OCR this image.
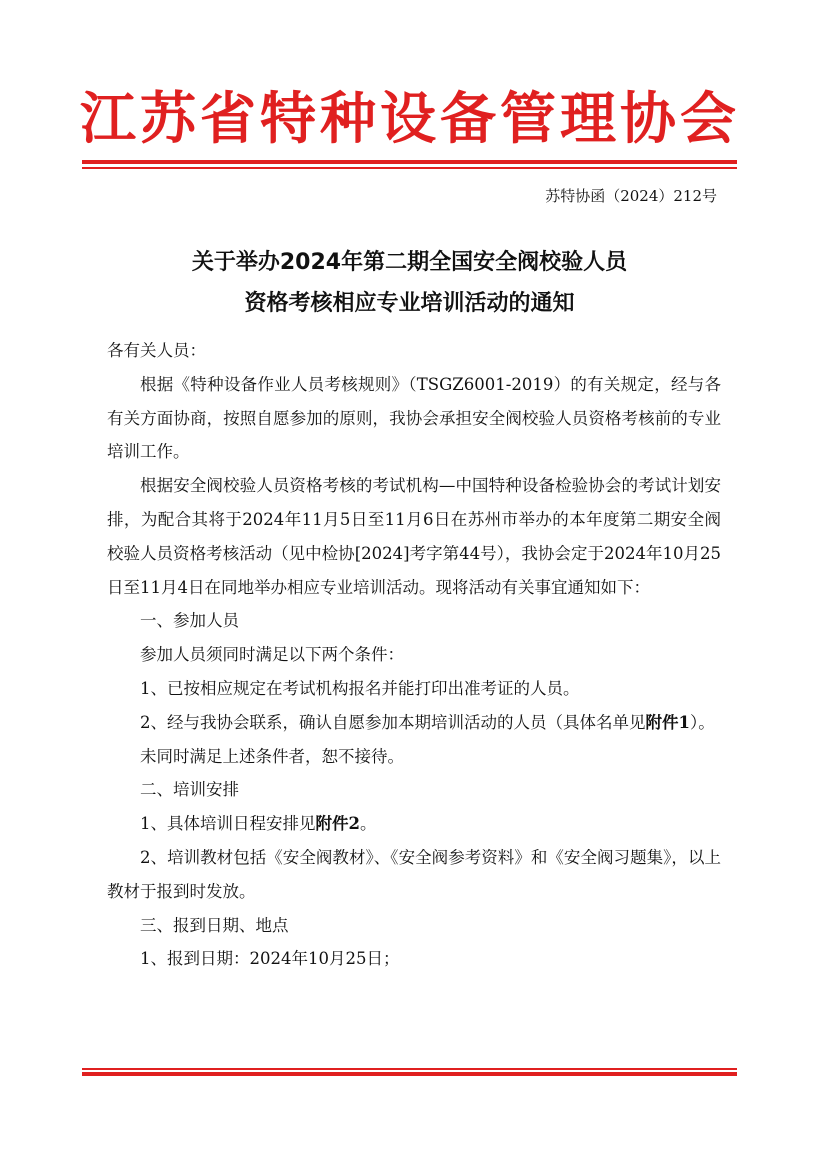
江苏省特种设备管理协会
苏特协函（2024）212号
关于举办2024年第二期全国安全阀校验人员
资格考核相应专业培训活动的通知

各有关人员：

根据《特种设备作业人员考核规则》（TSGZ6001-2019）的有关规定，经与各有关方面协商，按照自愿参加的原则，我协会承担安全阀校验人员资格考核前的专业培训工作。

根据安全阀校验人员资格考核的考试机构—中国特种设备检验协会的考试计划安排，为配合其将于2024年11月5日至11月6日在苏州市举办的本年度第二期安全阀校验人员资格考核活动（见中检协[2024]考字第44号），我协会定于2024年10月25日至11月4日在同地举办相应专业培训活动。现将活动有关事宜通知如下：

一、参加人员

参加人员须同时满足以下两个条件：

1、已按相应规定在考试机构报名并能打印出准考证的人员。

2、经与我协会联系，确认自愿参加本期培训活动的人员（具体名单见附件1）。

未同时满足上述条件者，恕不接待。

二、培训安排

1、具体培训日程安排见附件2。

2、培训教材包括《安全阀教材》、《安全阀参考资料》和《安全阀习题集》，以上教材于报到时发放。

三、报到日期、地点

1、报到日期：2024年10月25日；
